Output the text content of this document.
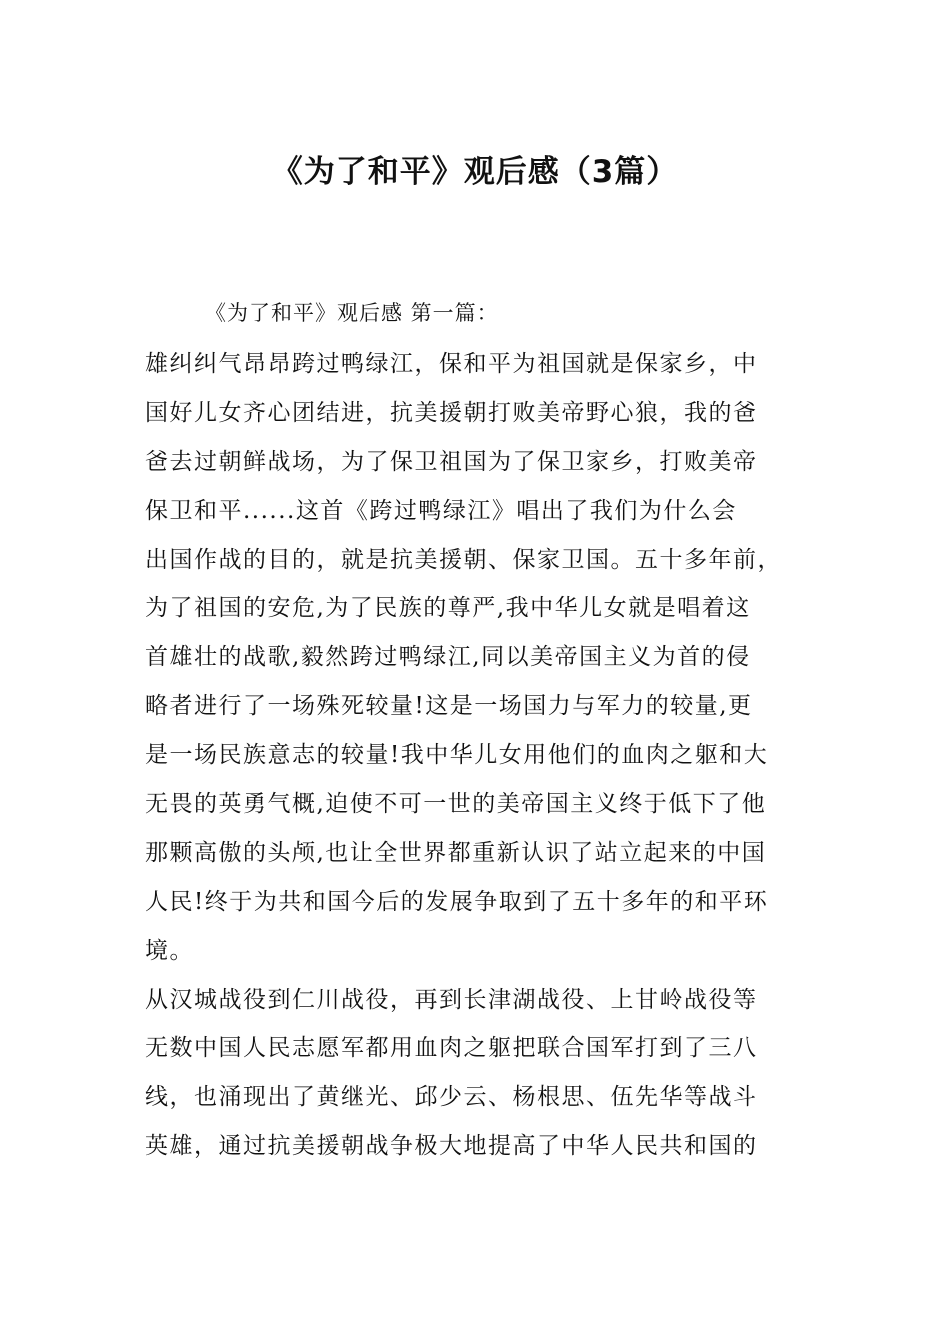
《为了和平》观后感（3篇）
《为了和平》观后感 第一篇：
雄纠纠气昂昂跨过鸭绿江，保和平为祖国就是保家乡，中
国好儿女齐心团结进，抗美援朝打败美帝野心狼，我的爸
爸去过朝鲜战场，为了保卫祖国为了保卫家乡，打败美帝
保卫和平......这首《跨过鸭绿江》唱出了我们为什么会
出国作战的目的，就是抗美援朝、保家卫国。五十多年前，
为了祖国的安危,为了民族的尊严,我中华儿女就是唱着这
首雄壮的战歌,毅然跨过鸭绿江,同以美帝国主义为首的侵
略者进行了一场殊死较量!这是一场国力与军力的较量,更
是一场民族意志的较量!我中华儿女用他们的血肉之躯和大
无畏的英勇气概,迫使不可一世的美帝国主义终于低下了他
那颗高傲的头颅,也让全世界都重新认识了站立起来的中国
人民!终于为共和国今后的发展争取到了五十多年的和平环
境。
从汉城战役到仁川战役，再到长津湖战役、上甘岭战役等
无数中国人民志愿军都用血肉之躯把联合国军打到了三八
线，也涌现出了黄继光、邱少云、杨根思、伍先华等战斗
英雄，通过抗美援朝战争极大地提高了中华人民共和国的
